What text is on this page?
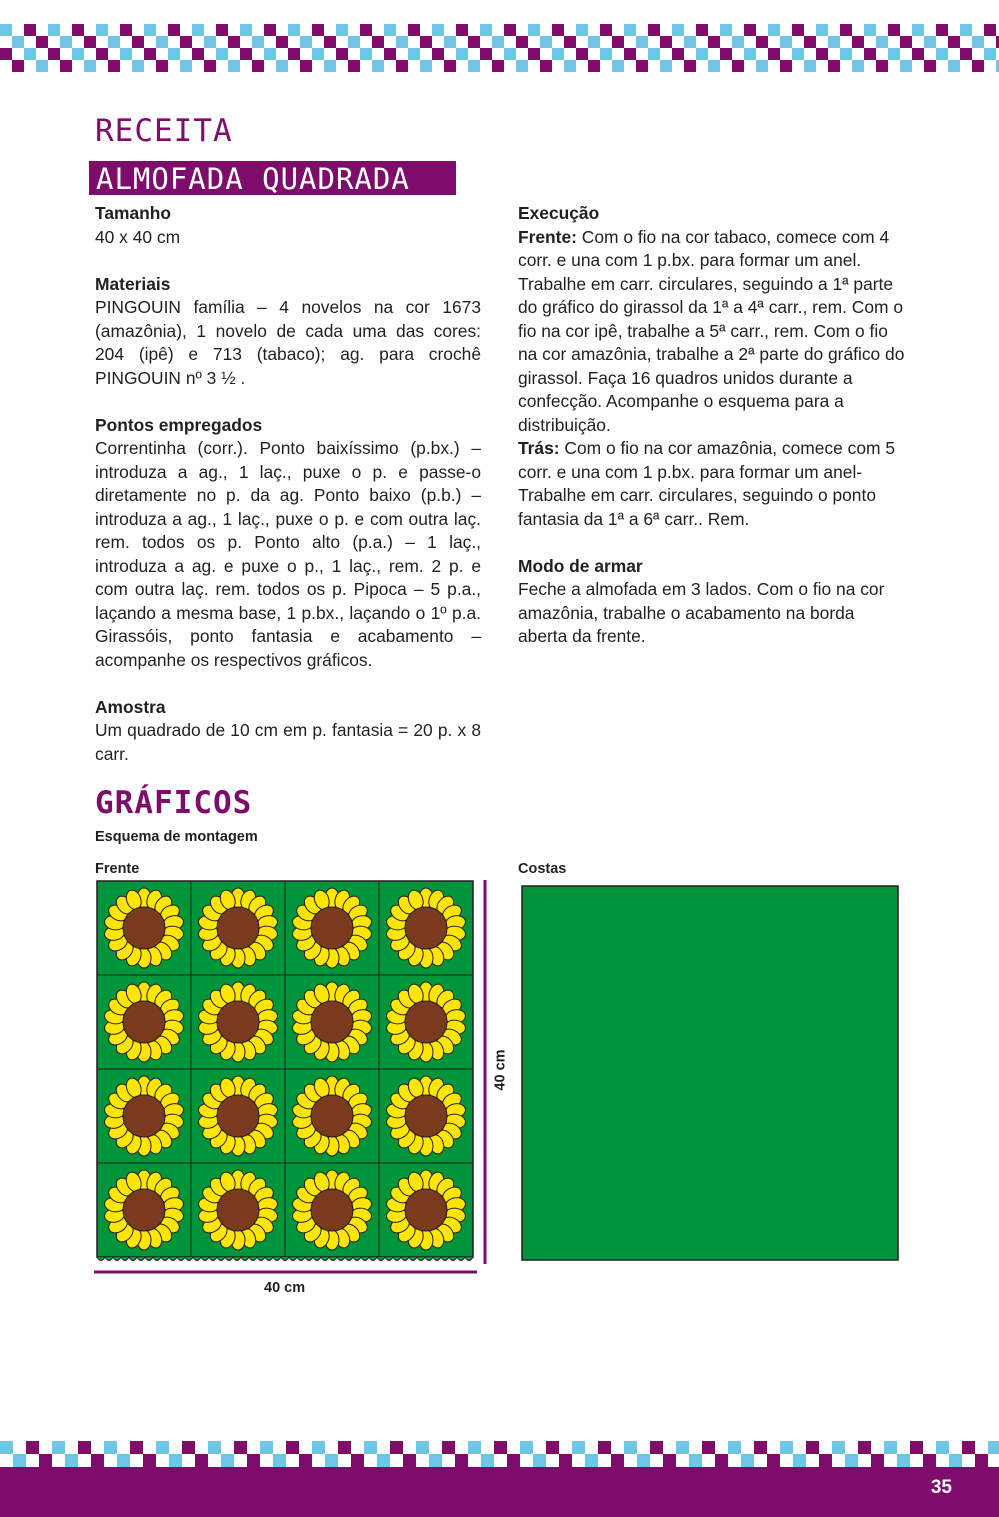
RECEITA
ALMOFADA QUADRADA

Tamanho

40 x 40 cm

Materiais

PINGOUIN família – 4 novelos na cor 1673 (amazônia), 1 novelo de cada uma das cores: 204 (ipê) e 713 (tabaco); ag. para crochê PINGOUIN nº 3 ½ .

Pontos empregados

Correntinha (corr.). Ponto baixíssimo (p.bx.) – introduza a ag., 1 laç., puxe o p. e passe-o diretamente no p. da ag. Ponto baixo (p.b.) – introduza a ag., 1 laç., puxe o p. e com outra laç. rem. todos os p. Ponto alto (p.a.) – 1 laç., introduza a ag. e puxe o p., 1 laç., rem. 2 p. e com outra laç. rem. todos os p. Pipoca – 5 p.a., laçando a mesma base, 1 p.bx., laçando o 1º p.a. Girassóis, ponto fantasia e acabamento – acompanhe os respectivos gráficos.

Amostra

Um quadrado de 10 cm em p. fantasia = 20 p. x 8 carr.

Execução

Frente: Com o fio na cor tabaco, comece com 4 corr. e una com 1 p.bx. para formar um anel. Trabalhe em carr. circulares, seguindo a 1ª parte do gráfico do girassol da 1ª a 4ª carr., rem. Com o fio na cor ipê, trabalhe a 5ª carr., rem. Com o fio na cor amazônia, trabalhe a 2ª parte do gráfico do girassol. Faça 16 quadros unidos durante a confecção. Acompanhe o esquema para a distribuição.

Trás: Com o fio na cor amazônia, comece com 5 corr. e una com 1 p.bx. para formar um anel- Trabalhe em carr. circulares, seguindo o ponto fantasia da 1ª a 6ª carr.. Rem.

Modo de armar

Feche a almofada em 3 lados. Com o fio na cor amazônia, trabalhe o acabamento na borda aberta da frente.

GRÁFICOS
Esquema de montagem
Frente	Costas
40 cm
40 cm
35
